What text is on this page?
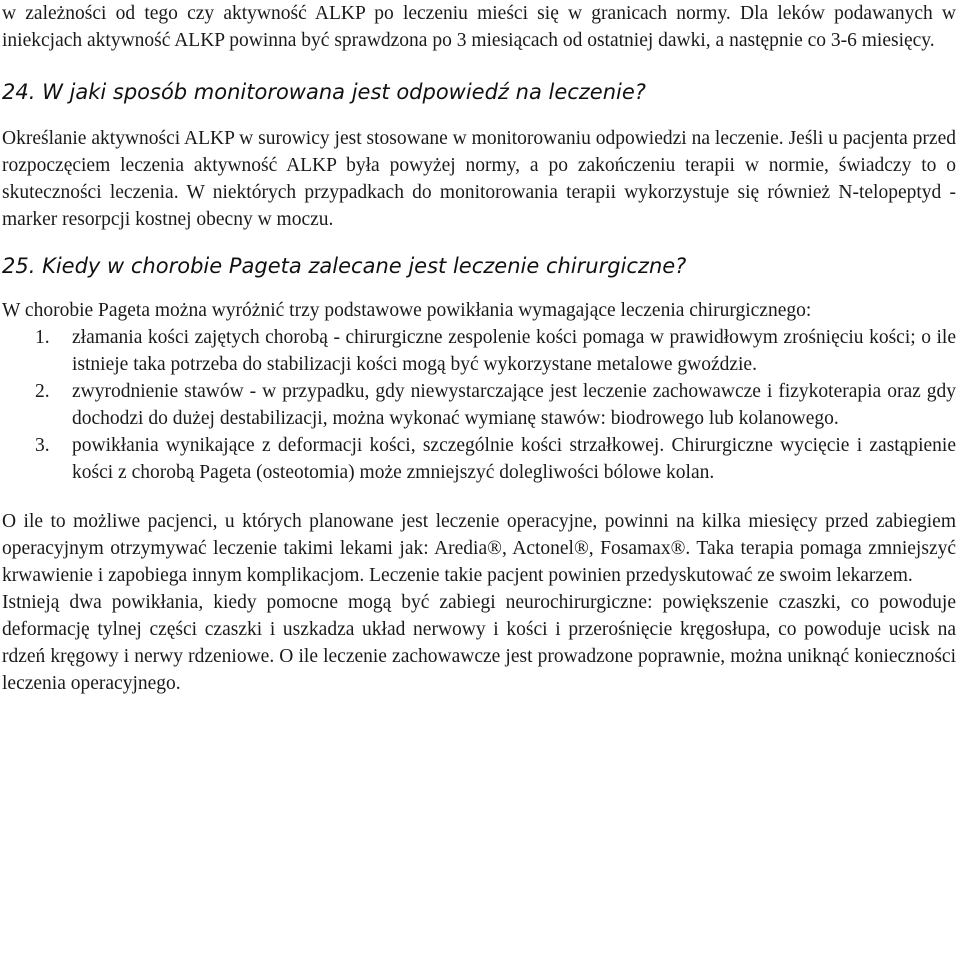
w zależności od tego czy aktywność ALKP po leczeniu mieści się w granicach normy. Dla leków podawanych w iniekcjach aktywność ALKP powinna być sprawdzona po 3 miesiącach od ostatniej dawki, a następnie co 3-6 miesięcy.

24. W jaki sposób monitorowana jest odpowiedź na leczenie?

Określanie aktywności ALKP w surowicy jest stosowane w monitorowaniu odpowiedzi na leczenie. Jeśli u pacjenta przed rozpoczęciem leczenia aktywność ALKP była powyżej normy, a po zakończeniu terapii w normie, świadczy to o skuteczności leczenia. W niektórych przypadkach do monitorowania terapii wykorzystuje się również N-telopeptyd - marker resorpcji kostnej obecny w moczu.

25. Kiedy w chorobie Pageta zalecane jest leczenie chirurgiczne?

W chorobie Pageta można wyróżnić trzy podstawowe powikłania wymagające leczenia chirurgicznego:

1.	złamania kości zajętych chorobą - chirurgiczne zespolenie kości pomaga w prawidłowym zrośnięciu kości; o ile istnieje taka potrzeba do stabilizacji kości mogą być wykorzystane metalowe gwoździe.
2.	zwyrodnienie stawów - w przypadku, gdy niewystarczające jest leczenie zachowawcze i fizykoterapia oraz gdy dochodzi do dużej destabilizacji, można wykonać wymianę stawów: biodrowego lub kolanowego.
3.	powikłania wynikające z deformacji kości, szczególnie kości strzałkowej. Chirurgiczne wycięcie i zastąpienie kości z chorobą Pageta (osteotomia) może zmniejszyć dolegliwości bólowe kolan.

O ile to możliwe pacjenci, u których planowane jest leczenie operacyjne, powinni na kilka miesięcy przed zabiegiem operacyjnym otrzymywać leczenie takimi lekami jak: Aredia®, Actonel®, Fosamax®. Taka terapia pomaga zmniejszyć krwawienie i zapobiega innym komplikacjom. Leczenie takie pacjent powinien przedyskutować ze swoim lekarzem.

Istnieją dwa powikłania, kiedy pomocne mogą być zabiegi neurochirurgiczne: powiększenie czaszki, co powoduje deformację tylnej części czaszki i uszkadza układ nerwowy i kości i przerośnięcie kręgosłupa, co powoduje ucisk na rdzeń kręgowy i nerwy rdzeniowe. O ile leczenie zachowawcze jest prowadzone poprawnie, można uniknąć konieczności leczenia operacyjnego.
